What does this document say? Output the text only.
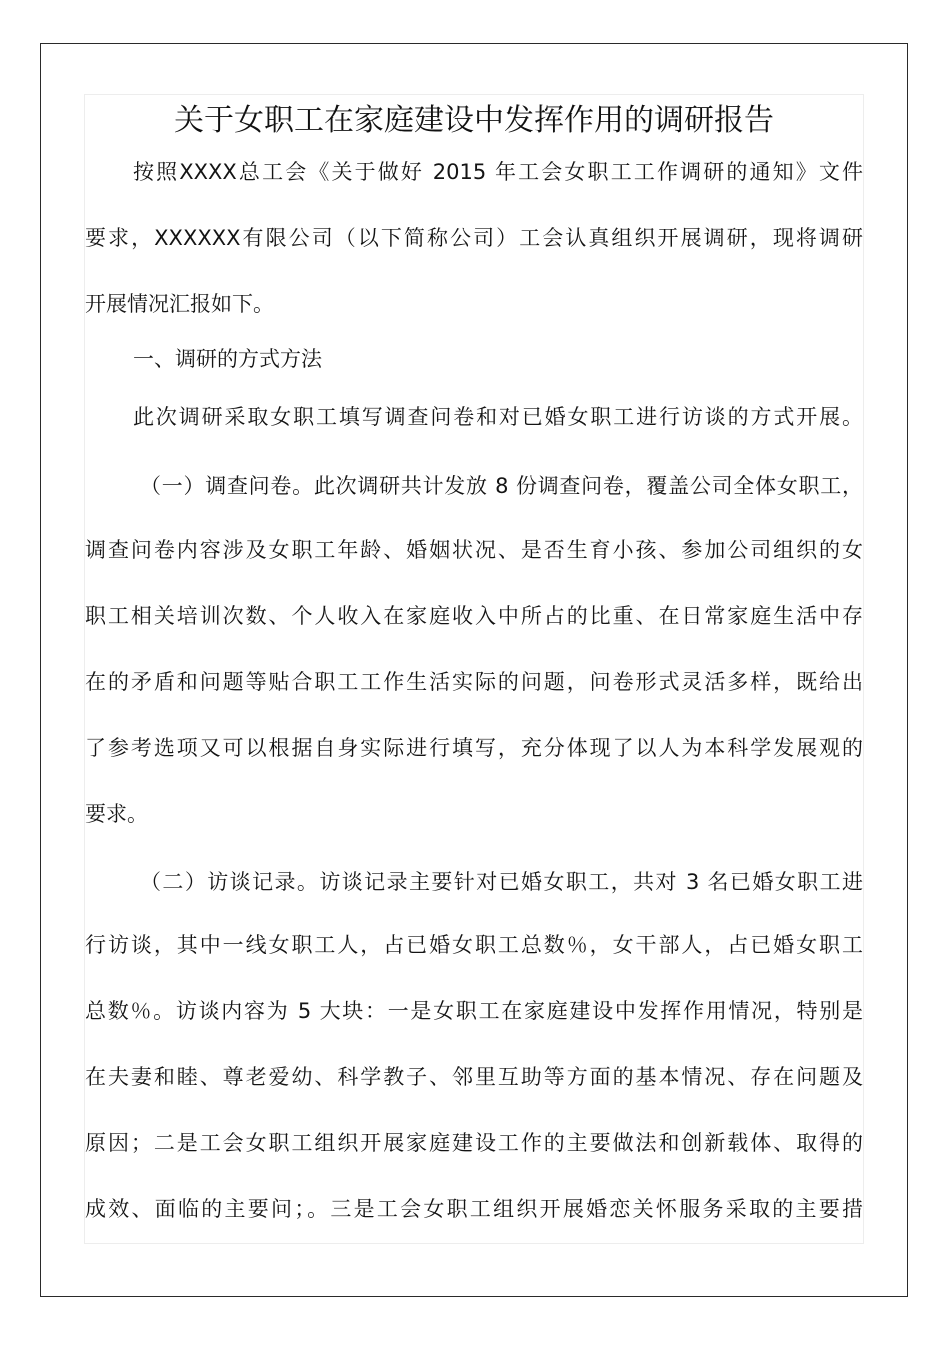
关于女职工在家庭建设中发挥作用的调研报告
按照XXXX总工会《关于做好 2015 年工会女职工工作调研的通知》文件
要求，XXXXXX有限公司（以下简称公司）工会认真组织开展调研，现将调研
开展情况汇报如下。
一、调研的方式方法
此次调研采取女职工填写调查问卷和对已婚女职工进行访谈的方式开展。
（一）调查问卷。此次调研共计发放 8 份调查问卷，覆盖公司全体女职工，
调查问卷内容涉及女职工年龄、婚姻状况、是否生育小孩、参加公司组织的女
职工相关培训次数、个人收入在家庭收入中所占的比重、在日常家庭生活中存
在的矛盾和问题等贴合职工工作生活实际的问题，问卷形式灵活多样，既给出
了参考选项又可以根据自身实际进行填写，充分体现了以人为本科学发展观的
要求。
（二）访谈记录。访谈记录主要针对已婚女职工，共对 3 名已婚女职工进
行访谈，其中一线女职工人，占已婚女职工总数％，女干部人，占已婚女职工
总数％。访谈内容为 5 大块：一是女职工在家庭建设中发挥作用情况，特别是
在夫妻和睦、尊老爱幼、科学教子、邻里互助等方面的基本情况、存在问题及
原因；二是工会女职工组织开展家庭建设工作的主要做法和创新载体、取得的
成效、面临的主要问；。三是工会女职工组织开展婚恋关怀服务采取的主要措
